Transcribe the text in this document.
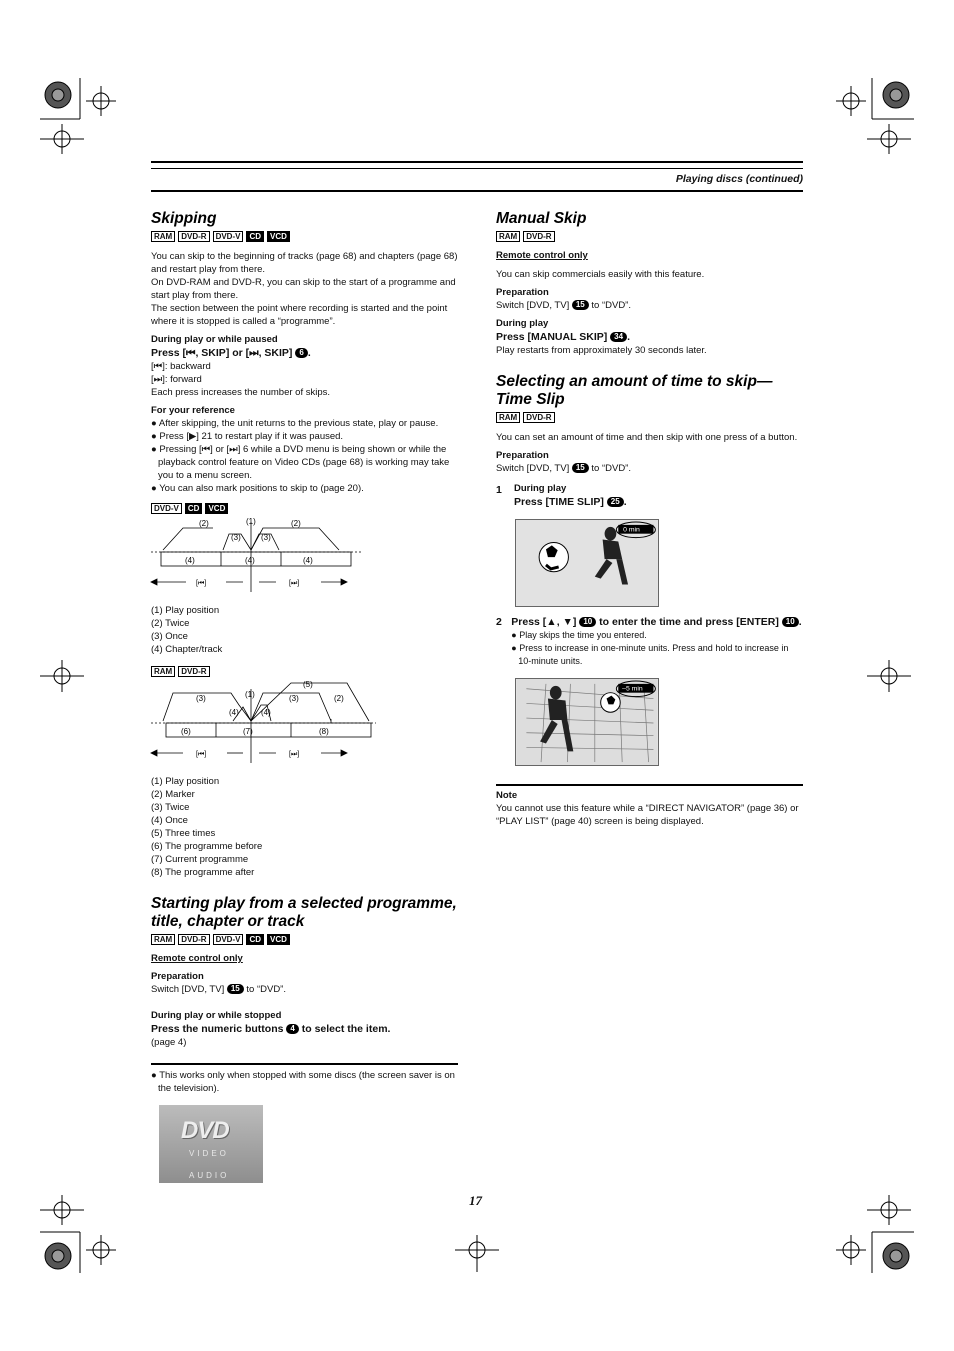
Playing discs (continued)
Skipping
RAM	DVD-R	DVD-V	CD	VCD

You can skip to the beginning of tracks (page 68) and chapters (page 68) and restart play from there.

On DVD-RAM and DVD-R, you can skip to the start of a programme and start play from there.

The section between the point where recording is started and the point where it is stopped is called a “programme”.

During play or while paused
Press [⏮, SKIP] or [⏭, SKIP] 6 .
[⏮]: backward
[⏭]: forward
Each press increases the number of skips.
For your reference
● After skipping, the unit returns to the previous state, play or pause.
● Press [▶] 21 to restart play if it was paused.
● Pressing [⏮] or [⏭] 6 while a DVD menu is being shown or while the playback control feature on Video CDs (page 68) is working may take you to a menu screen.
● You can also mark positions to skip to (page 20).
DVD-V	CD	VCD
(2)	(1)	(2)
(3)	(3)
(4)	(4)	(4)
[⏮]	[⏭]
(1) Play position
(2) Twice
(3) Once
(4) Chapter/track
RAM	DVD-R
(5)
(3)	(1)	(3)	(2)
(4)	(4)
(6)	(7)	(8)
[⏮]	[⏭]
(1) Play position
(2) Marker
(3) Twice
(4) Once
(5) Three times
(6) The programme before
(7) Current programme
(8) The programme after
Starting play from a selected programme, title, chapter or track
RAM	DVD-R	DVD-V	CD	VCD
Remote control only
Preparation
Switch [DVD, TV] 15 to “DVD”.
During play or while stopped
Press the numeric buttons 4 to select the item.
(page 4)
● This works only when stopped with some discs (the screen saver is on the television).
DVD
VIDEO
AUDIO
Manual Skip
RAM	DVD-R
Remote control only
You can skip commercials easily with this feature.
Preparation
Switch [DVD, TV] 15 to “DVD”.
During play
Press [MANUAL SKIP] 34 .
Play restarts from approximately 30 seconds later.
Selecting an amount of time to skip—Time Slip
RAM	DVD-R
You can set an amount of time and then skip with one press of a button.
Preparation
Switch [DVD, TV] 15 to “DVD”.
1	During play
Press [TIME SLIP] 25 .
0 min
2 Press [▲, ▼] 10 to enter the time and press [ENTER] 10 .
● Play skips the time you entered.
● Press to increase in one-minute units. Press and hold to increase in 10-minute units.
–5 min
Note
You cannot use this feature while a “DIRECT NAVIGATOR” (page 36) or “PLAY LIST” (page 40) screen is being displayed.
17
